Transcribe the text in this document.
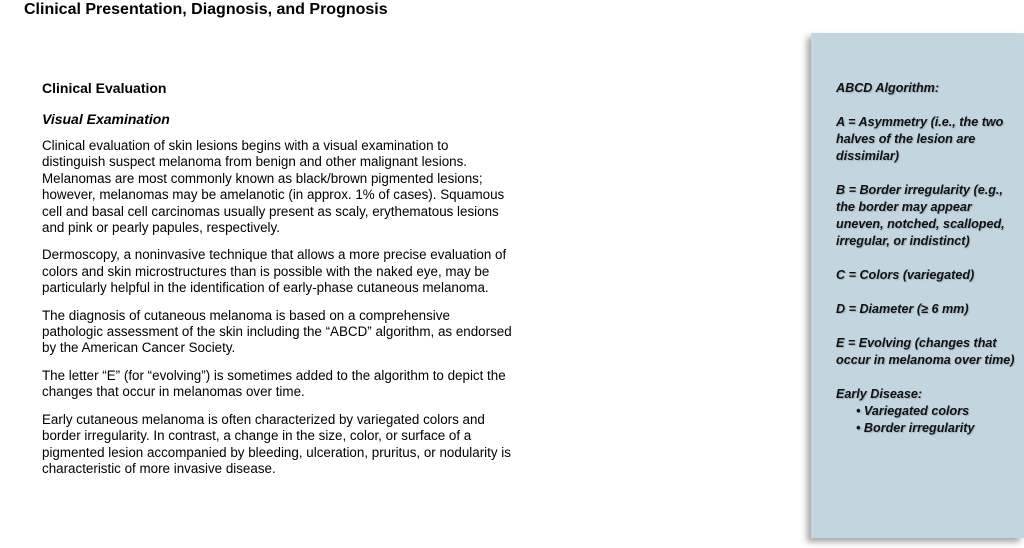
Clinical Presentation, Diagnosis, and Prognosis
Clinical Evaluation
Visual Examination

Clinical evaluation of skin lesions begins with a visual examination to distinguish suspect melanoma from benign and other malignant lesions. Melanomas are most commonly known as black/brown pigmented lesions; however, melanomas may be amelanotic (in approx. 1% of cases). Squamous cell and basal cell carcinomas usually present as scaly, erythematous lesions and pink or pearly papules, respectively.

Dermoscopy, a noninvasive technique that allows a more precise evaluation of colors and skin microstructures than is possible with the naked eye, may be particularly helpful in the identification of early-phase cutaneous melanoma.

The diagnosis of cutaneous melanoma is based on a comprehensive pathologic assessment of the skin including the “ABCD” algorithm, as endorsed by the American Cancer Society.

The letter “E” (for “evolving”) is sometimes added to the algorithm to depict the changes that occur in melanomas over time.

Early cutaneous melanoma is often characterized by variegated colors and border irregularity. In contrast, a change in the size, color, or surface of a pigmented lesion accompanied by bleeding, ulceration, pruritus, or nodularity is characteristic of more invasive disease.

ABCD Algorithm:
A = Asymmetry (i.e., the two halves of the lesion are dissimilar)
B = Border irregularity (e.g., the border may appear uneven, notched, scalloped, irregular, or indistinct)
C = Colors (variegated)
D = Diameter (≥ 6 mm)
E = Evolving (changes that occur in melanoma over time)
Early Disease:
• Variegated colors
• Border irregularity
